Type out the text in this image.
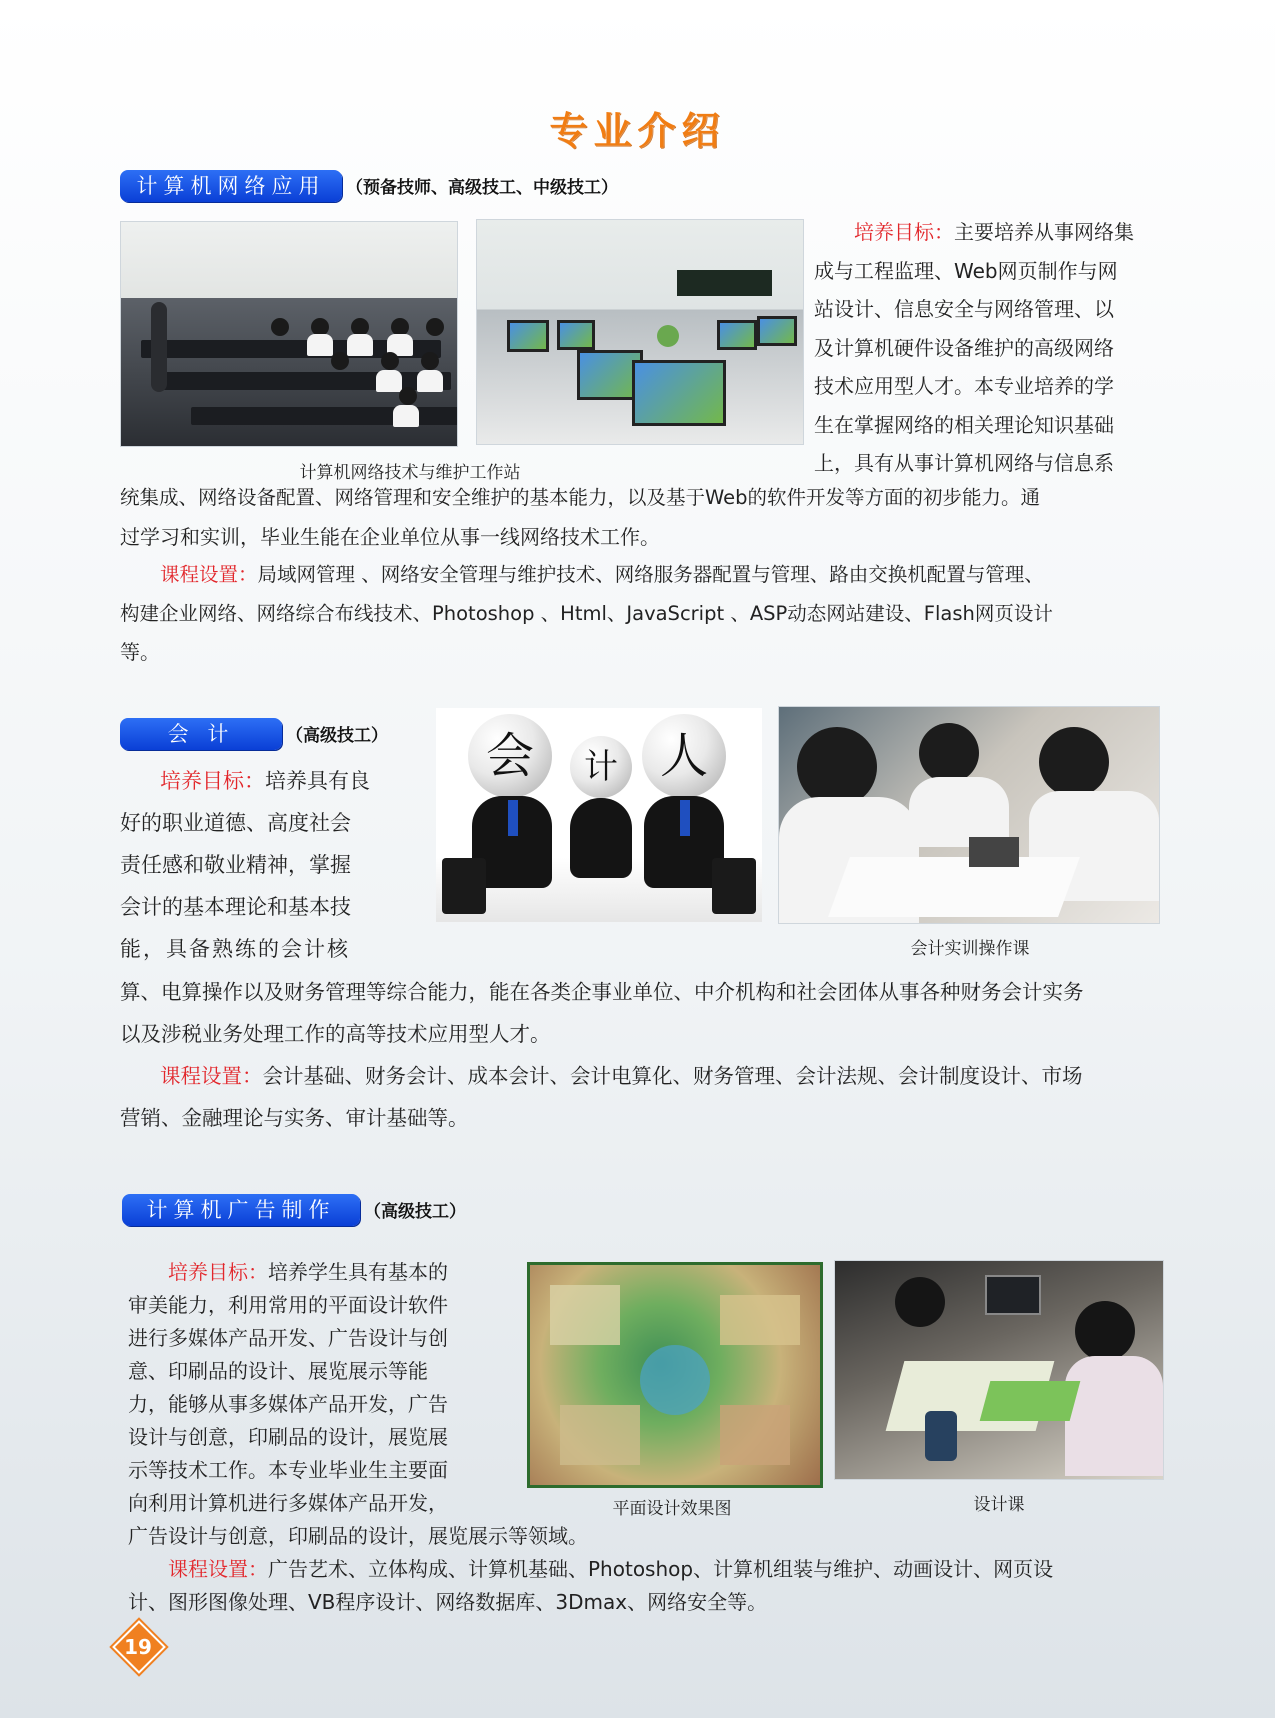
专业介绍
计算机网络应用	（预备技师、高级技工、中级技工）
计算机网络技术与维护工作站

培养目标：主要培养从事网络集

成与工程监理、Web网页制作与网

站设计、信息安全与网络管理、以

及计算机硬件设备维护的高级网络

技术应用型人才。本专业培养的学

生在掌握网络的相关理论知识基础

上，具有从事计算机网络与信息系

统集成、网络设备配置、网络管理和安全维护的基本能力，以及基于Web的软件开发等方面的初步能力。通

过学习和实训，毕业生能在企业单位从事一线网络技术工作。

课程设置：局域网管理 、网络安全管理与维护技术、网络服务器配置与管理、路由交换机配置与管理、

构建企业网络、网络综合布线技术、Photoshop 、Html、JavaScript 、ASP动态网站建设、Flash网页设计

等。

会 计	（高级技工）

培养目标：培养具有良

好的职业道德、高度社会

责任感和敬业精神，掌握

会计的基本理论和基本技

能，具备熟练的会计核

会	计 人
会计实训操作课

算、电算操作以及财务管理等综合能力，能在各类企事业单位、中介机构和社会团体从事各种财务会计实务

以及涉税业务处理工作的高等技术应用型人才。

课程设置：会计基础、财务会计、成本会计、会计电算化、财务管理、会计法规、会计制度设计、市场

营销、金融理论与实务、审计基础等。

计算机广告制作	（高级技工）

培养目标：培养学生具有基本的

审美能力，利用常用的平面设计软件

进行多媒体产品开发、广告设计与创

意、印刷品的设计、展览展示等能

力，能够从事多媒体产品开发，广告

设计与创意，印刷品的设计，展览展

示等技术工作。本专业毕业生主要面

向利用计算机进行多媒体产品开发，

广告设计与创意，印刷品的设计，展览展示等领域。

平面设计效果图	设计课

课程设置：广告艺术、立体构成、计算机基础、Photoshop、计算机组装与维护、动画设计、网页设

计、图形图像处理、VB程序设计、网络数据库、3Dmax、网络安全等。

19
